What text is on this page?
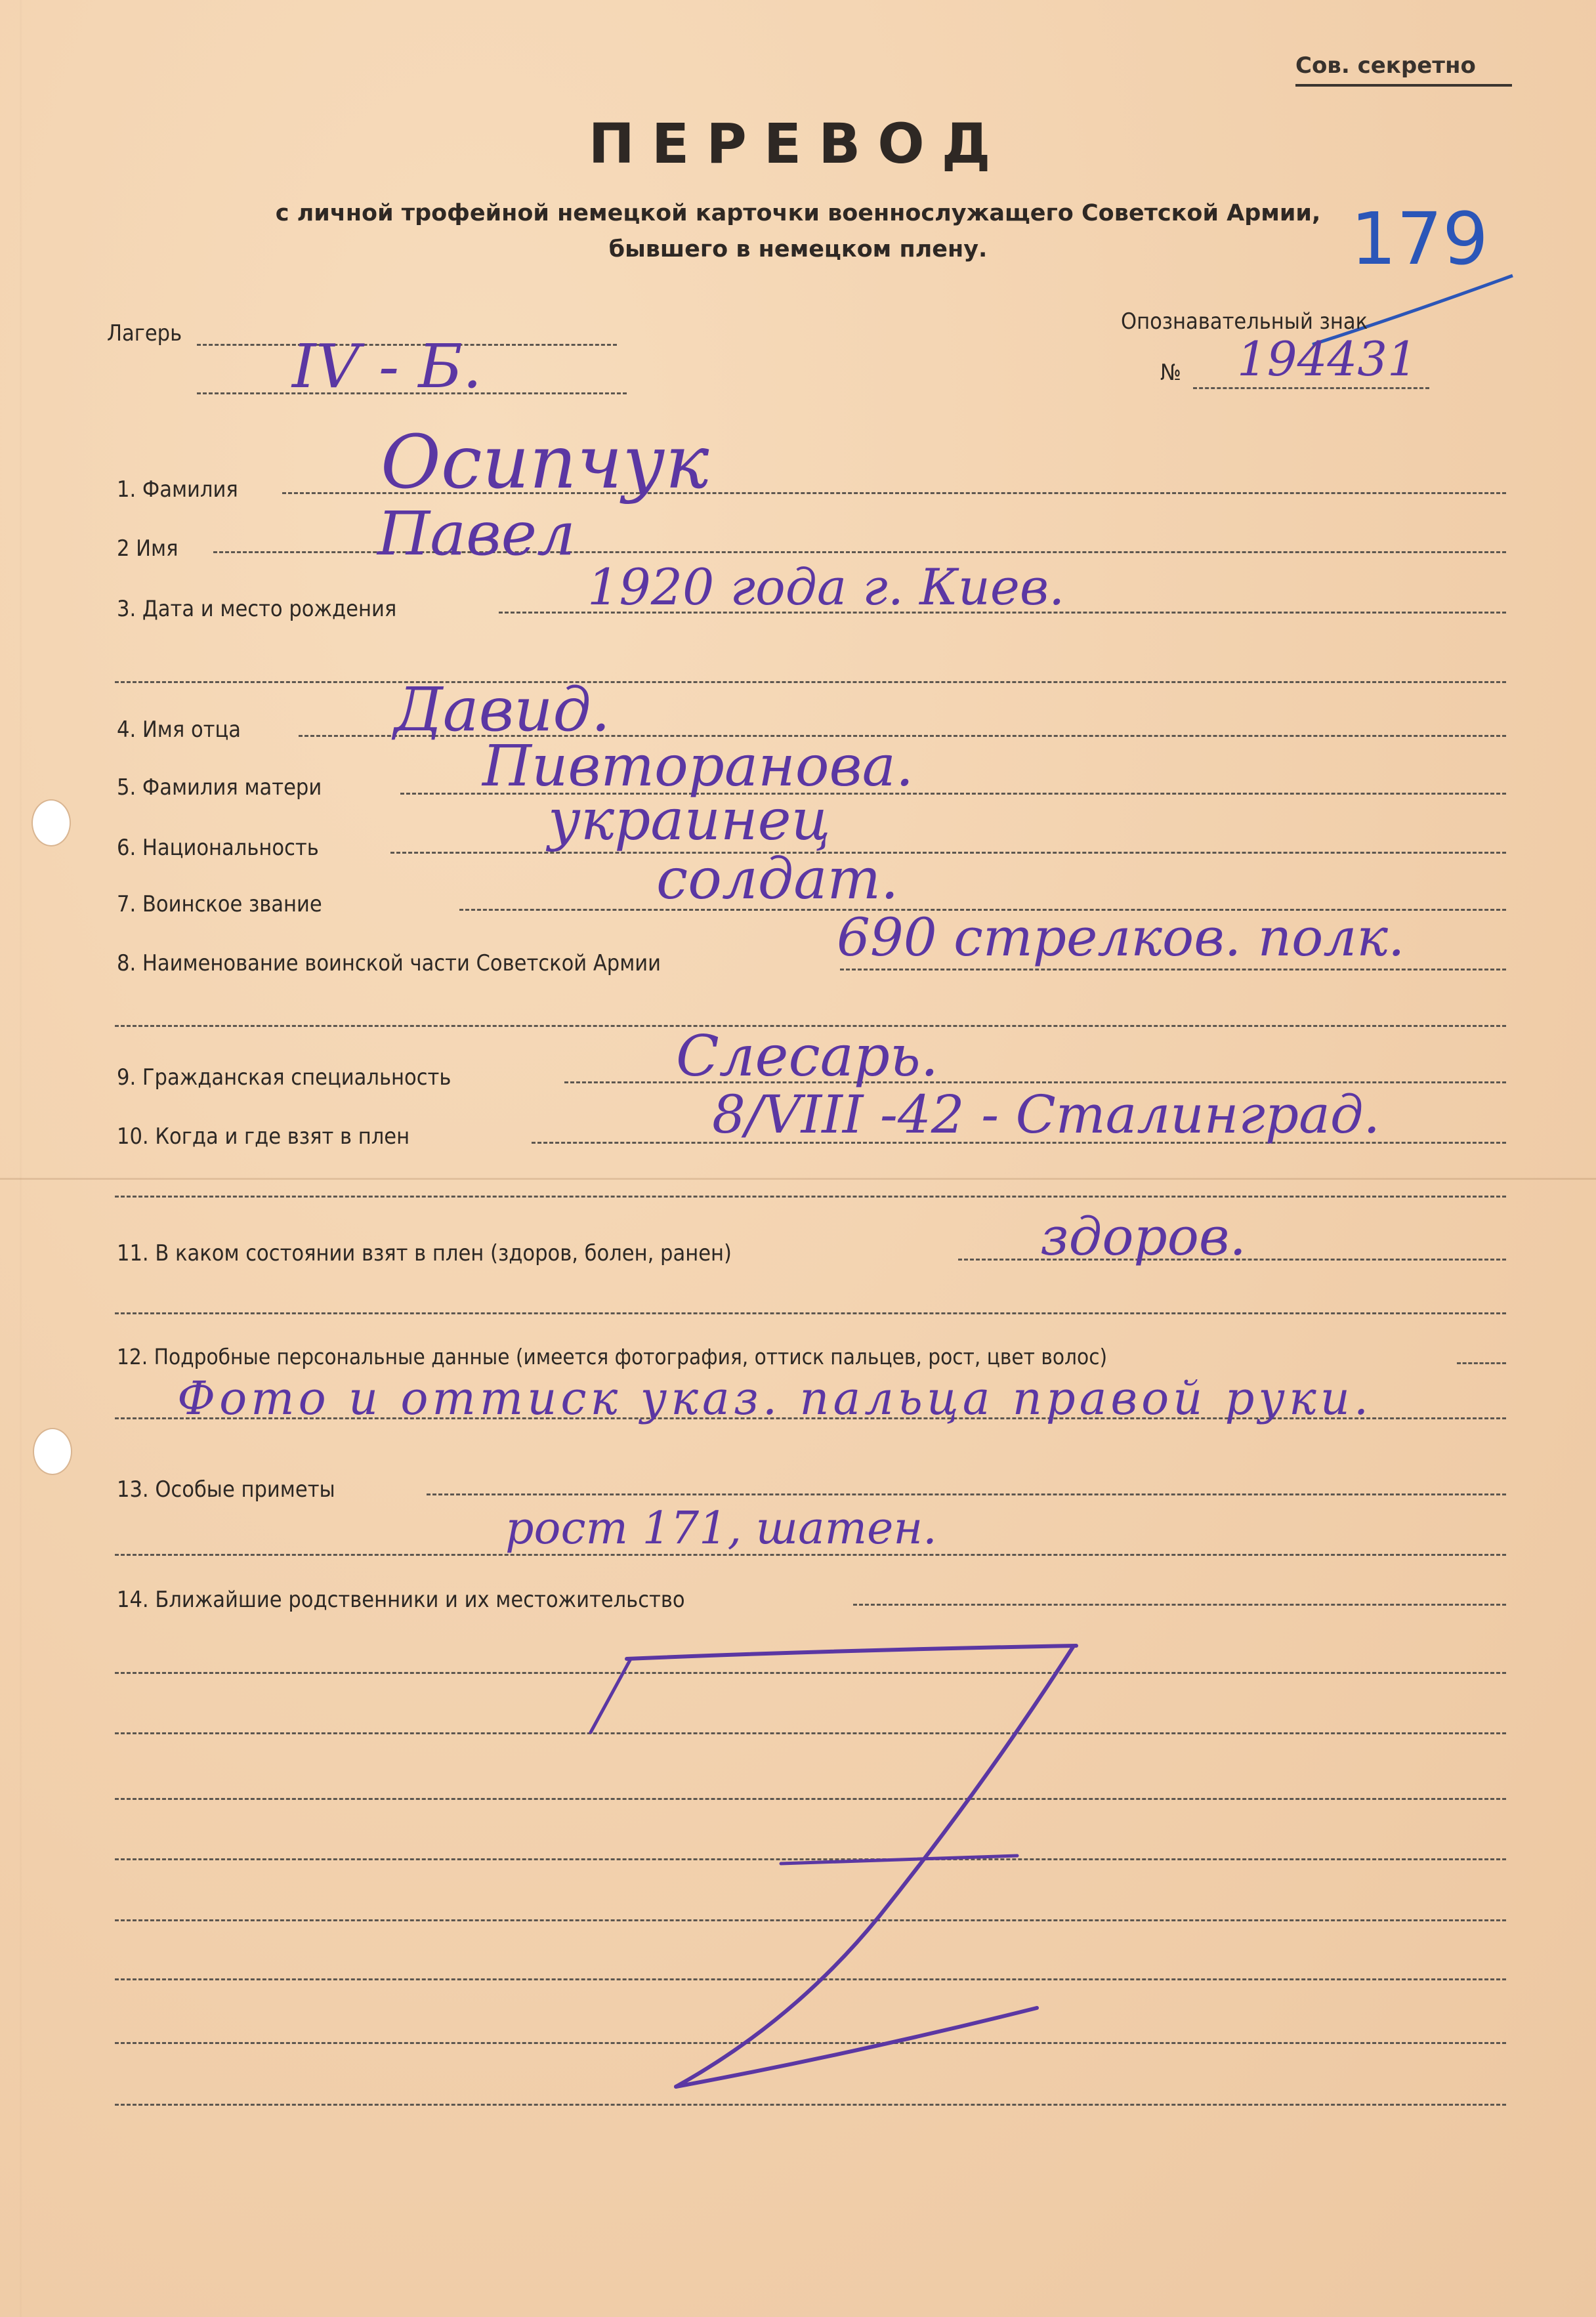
Сов. секретно
ПЕРЕВОД
с личной трофейной немецкой карточки военнослужащего Советской Армии,
бывшего в немецком плену.	179
Лагерь IV - Б.
Опознавательный знак
№ 194431
1. Фамилия Осипчук
2 Имя	Павел
3. Дата и место рождения	1920 года г. Киев.
4. Имя отца	Давид.
5. Фамилия матери	Пивторанова.
6. Национальность	украинец
7. Воинское звание	солдат.
8. Наименование воинской части Советской Армии	690 стрелков. полк.
9. Гражданская специальность	Слесарь.
10. Когда и где взят в плен	8/VIII -42 - Сталинград.
11. В каком состоянии взят в плен (здоров, болен, ранен)	здоров.
12. Подробные персональные данные (имеется фотография, оттиск пальцев, рост, цвет волос)
Фото и оттиск указ. пальца правой руки.
13. Особые приметы
рост 171, шатен.
14. Ближайшие родственники и их местожительство
